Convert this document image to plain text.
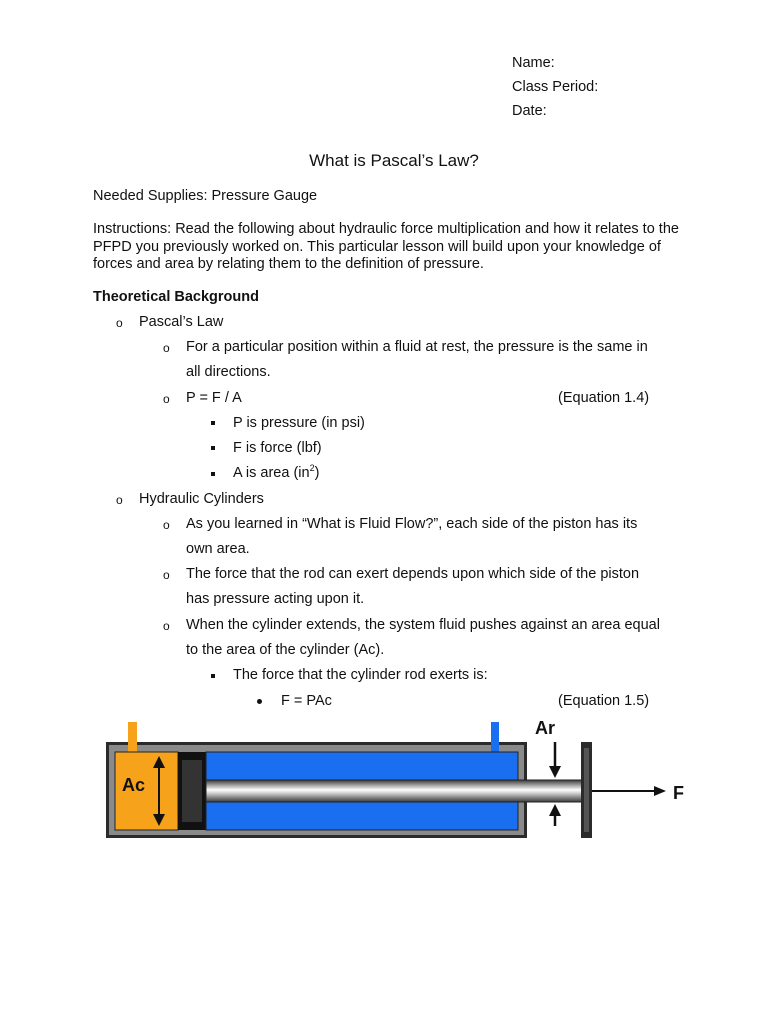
Name:
Class Period:
Date:
What is Pascal’s Law?
Needed Supplies: Pressure Gauge
Instructions: Read the following about hydraulic force multiplication and how it relates to the PFPD you previously worked on. This particular lesson will build upon your knowledge of forces and area by relating them to the definition of pressure.
Theoretical Background
o Pascal’s Law
o For a particular position within a fluid at rest, the pressure is the same in
all directions.
o P = F / A	(Equation 1.4)
P is pressure (in psi)
F is force (lbf)
A is area $(in^2)$
o Hydraulic Cylinders
o As you learned in “What is Fluid Flow?”, each side of the piston has its
own area.
o The force that the rod can exert depends upon which side of the piston
has pressure acting upon it.
o When the cylinder extends, the system fluid pushes against an area equal
to the area of the cylinder (Ac).
The force that the cylinder rod exerts is:
F = PAc	(Equation 1.5)
Ac
Ar
F
